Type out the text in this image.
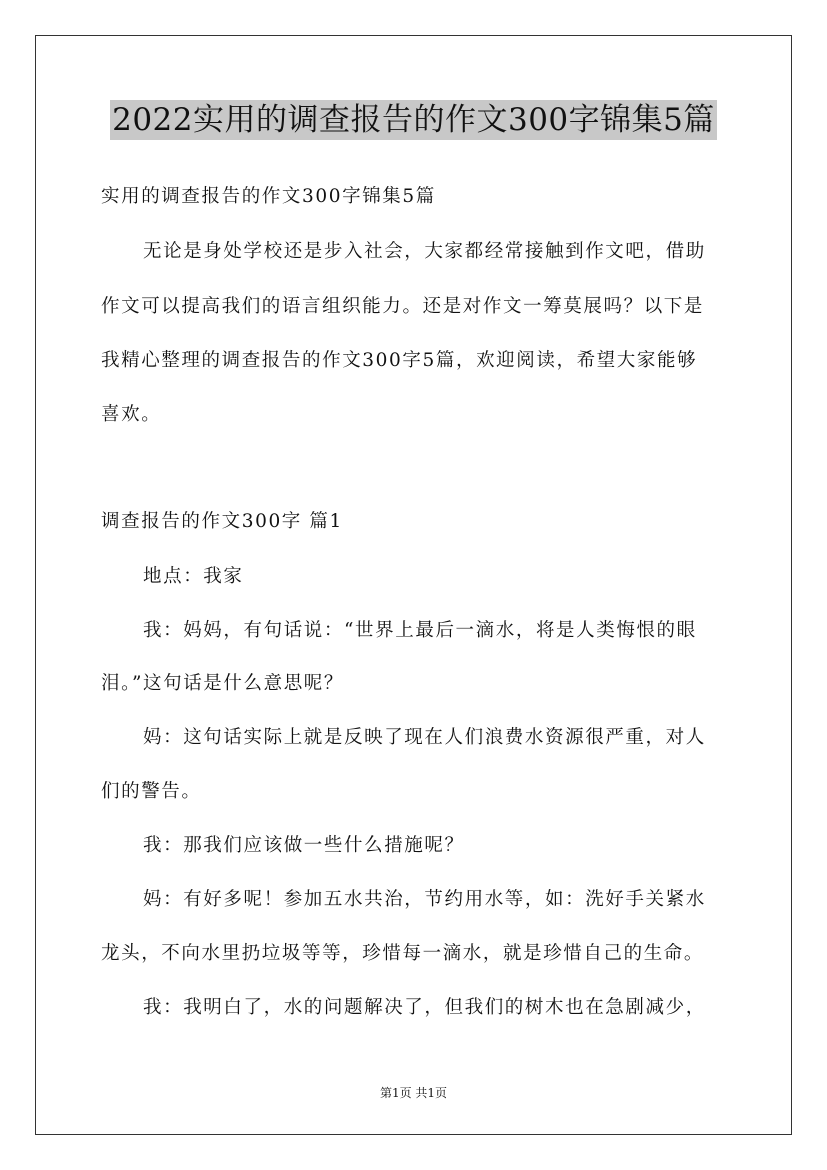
2022实用的调查报告的作文300字锦集5篇
实用的调查报告的作文300字锦集5篇
无论是身处学校还是步入社会，大家都经常接触到作文吧，借助
作文可以提高我们的语言组织能力。还是对作文一筹莫展吗？以下是
我精心整理的调查报告的作文300字5篇，欢迎阅读，希望大家能够
喜欢。
调查报告的作文300字 篇1
地点：我家
我：妈妈，有句话说：“世界上最后一滴水，将是人类悔恨的眼
泪。”这句话是什么意思呢？
妈：这句话实际上就是反映了现在人们浪费水资源很严重，对人
们的警告。
我：那我们应该做一些什么措施呢？
妈：有好多呢！参加五水共治，节约用水等，如：洗好手关紧水
龙头，不向水里扔垃圾等等，珍惜每一滴水，就是珍惜自己的生命。
我：我明白了，水的问题解决了，但我们的树木也在急剧减少，
第1页 共1页
